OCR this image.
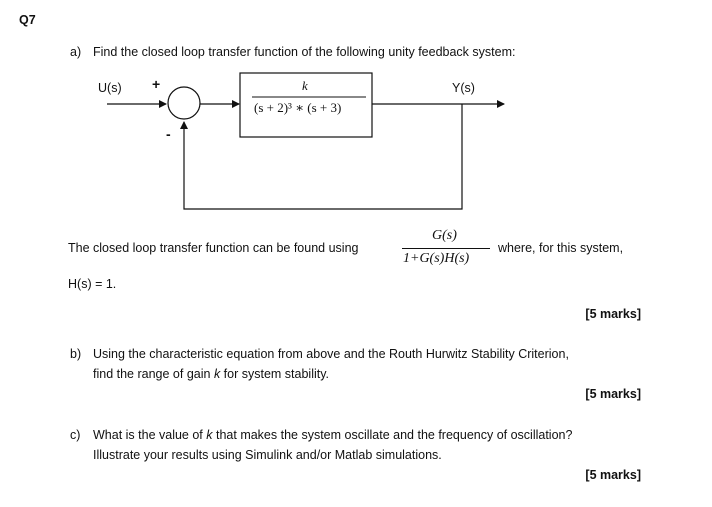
Q7
a) Find the closed loop transfer function of the following unity feedback system:
U(s) +
-
Y(s)
k
(s + 2)³ ∗ (s + 3)
The closed loop transfer function can be found using
G(s)
1+G(s)H(s)
where, for this system,
H(s) = 1.
[5 marks]
b) Using the characteristic equation from above and the Routh Hurwitz Stability Criterion,
find the range of gain k for system stability.
[5 marks]
c) What is the value of k that makes the system oscillate and the frequency of oscillation?
Illustrate your results using Simulink and/or Matlab simulations.
[5 marks]
